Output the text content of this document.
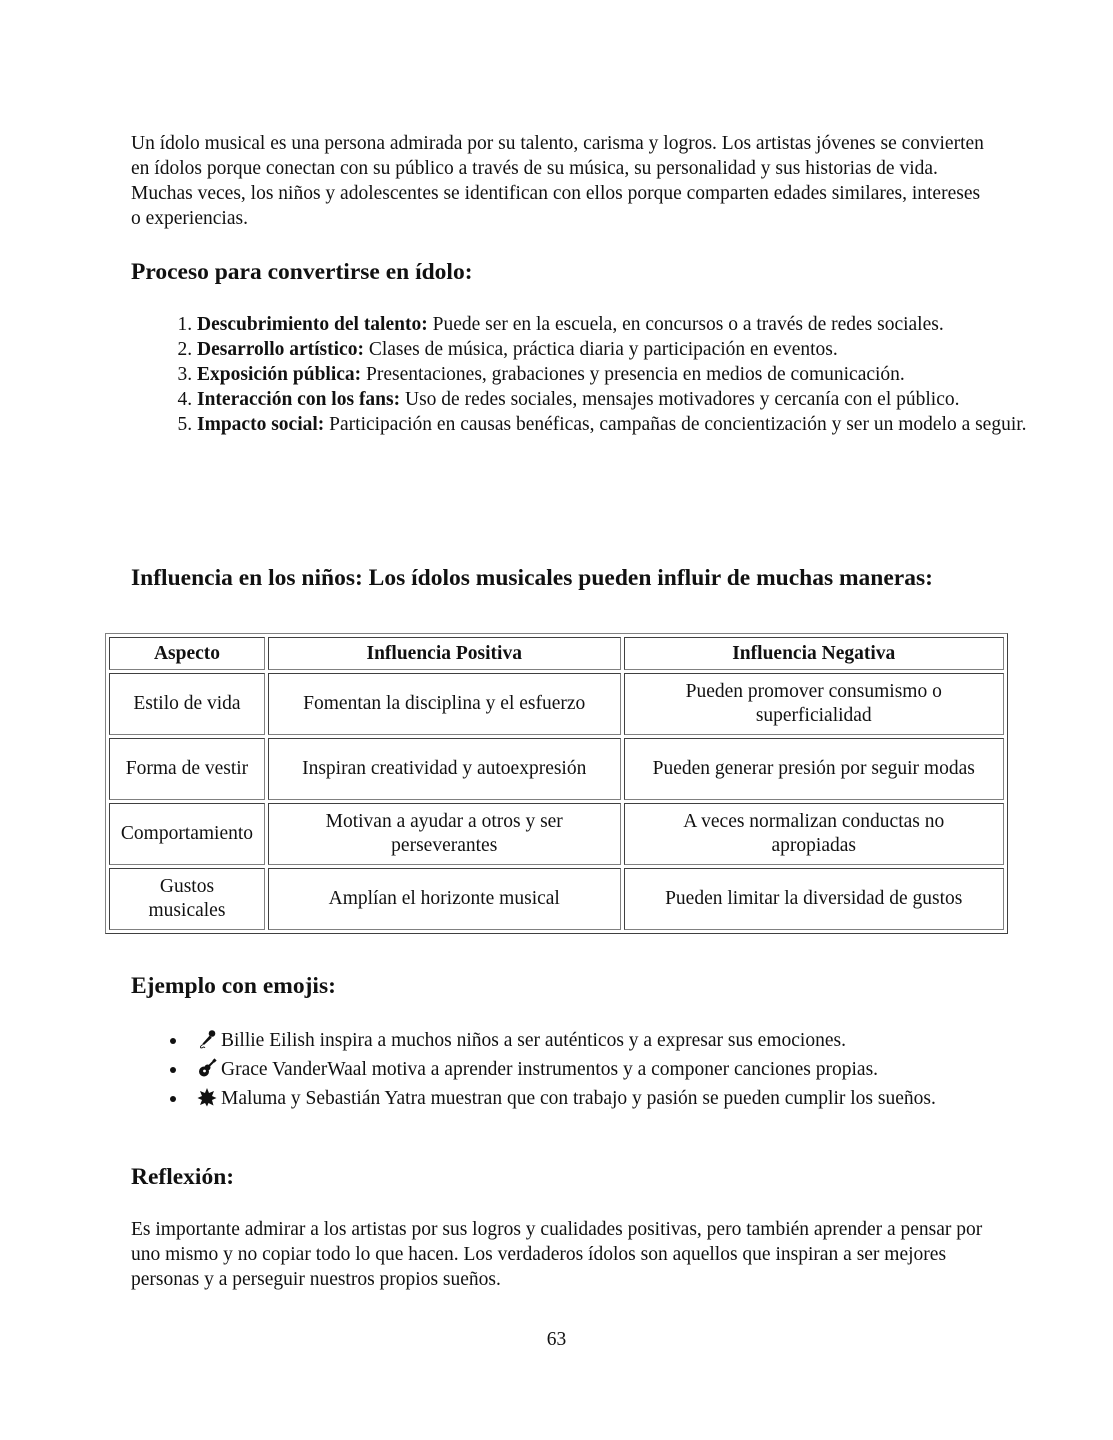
Un ídolo musical es una persona admirada por su talento, carisma y logros. Los artistas jóvenes se convierten en ídolos porque conectan con su público a través de su música, su personalidad y sus historias de vida. Muchas veces, los niños y adolescentes se identifican con ellos porque comparten edades similares, intereses o experiencias.

Proceso para convertirse en ídolo:
1. Descubrimiento del talento: Puede ser en la escuela, en concursos o a través de redes sociales.
2. Desarrollo artístico: Clases de música, práctica diaria y participación en eventos.
3. Exposición pública: Presentaciones, grabaciones y presencia en medios de comunicación.
4. Interacción con los fans: Uso de redes sociales, mensajes motivadores y cercanía con el público.
5. Impacto social: Participación en causas benéficas, campañas de concientización y ser un modelo a seguir.
Influencia en los niños: Los ídolos musicales pueden influir de muchas maneras:
Aspecto	Influencia Positiva	Influencia Negativa
Estilo de vida	Fomentan la disciplina y el esfuerzo	Pueden promover consumismo o superficialidad
Forma de vestir	Inspiran creatividad y autoexpresión	Pueden generar presión por seguir modas
Comportamiento	Motivan a ayudar a otros y ser perseverantes	A veces normalizan conductas no apropiadas
Gustos musicales	Amplían el horizonte musical	Pueden limitar la diversidad de gustos
Ejemplo con emojis:
Billie Eilish inspira a muchos niños a ser auténticos y a expresar sus emociones.
Grace VanderWaal motiva a aprender instrumentos y a componer canciones propias.
Maluma y Sebastián Yatra muestran que con trabajo y pasión se pueden cumplir los sueños.
Reflexión:

Es importante admirar a los artistas por sus logros y cualidades positivas, pero también aprender a pensar por uno mismo y no copiar todo lo que hacen. Los verdaderos ídolos son aquellos que inspiran a ser mejores personas y a perseguir nuestros propios sueños.

63
